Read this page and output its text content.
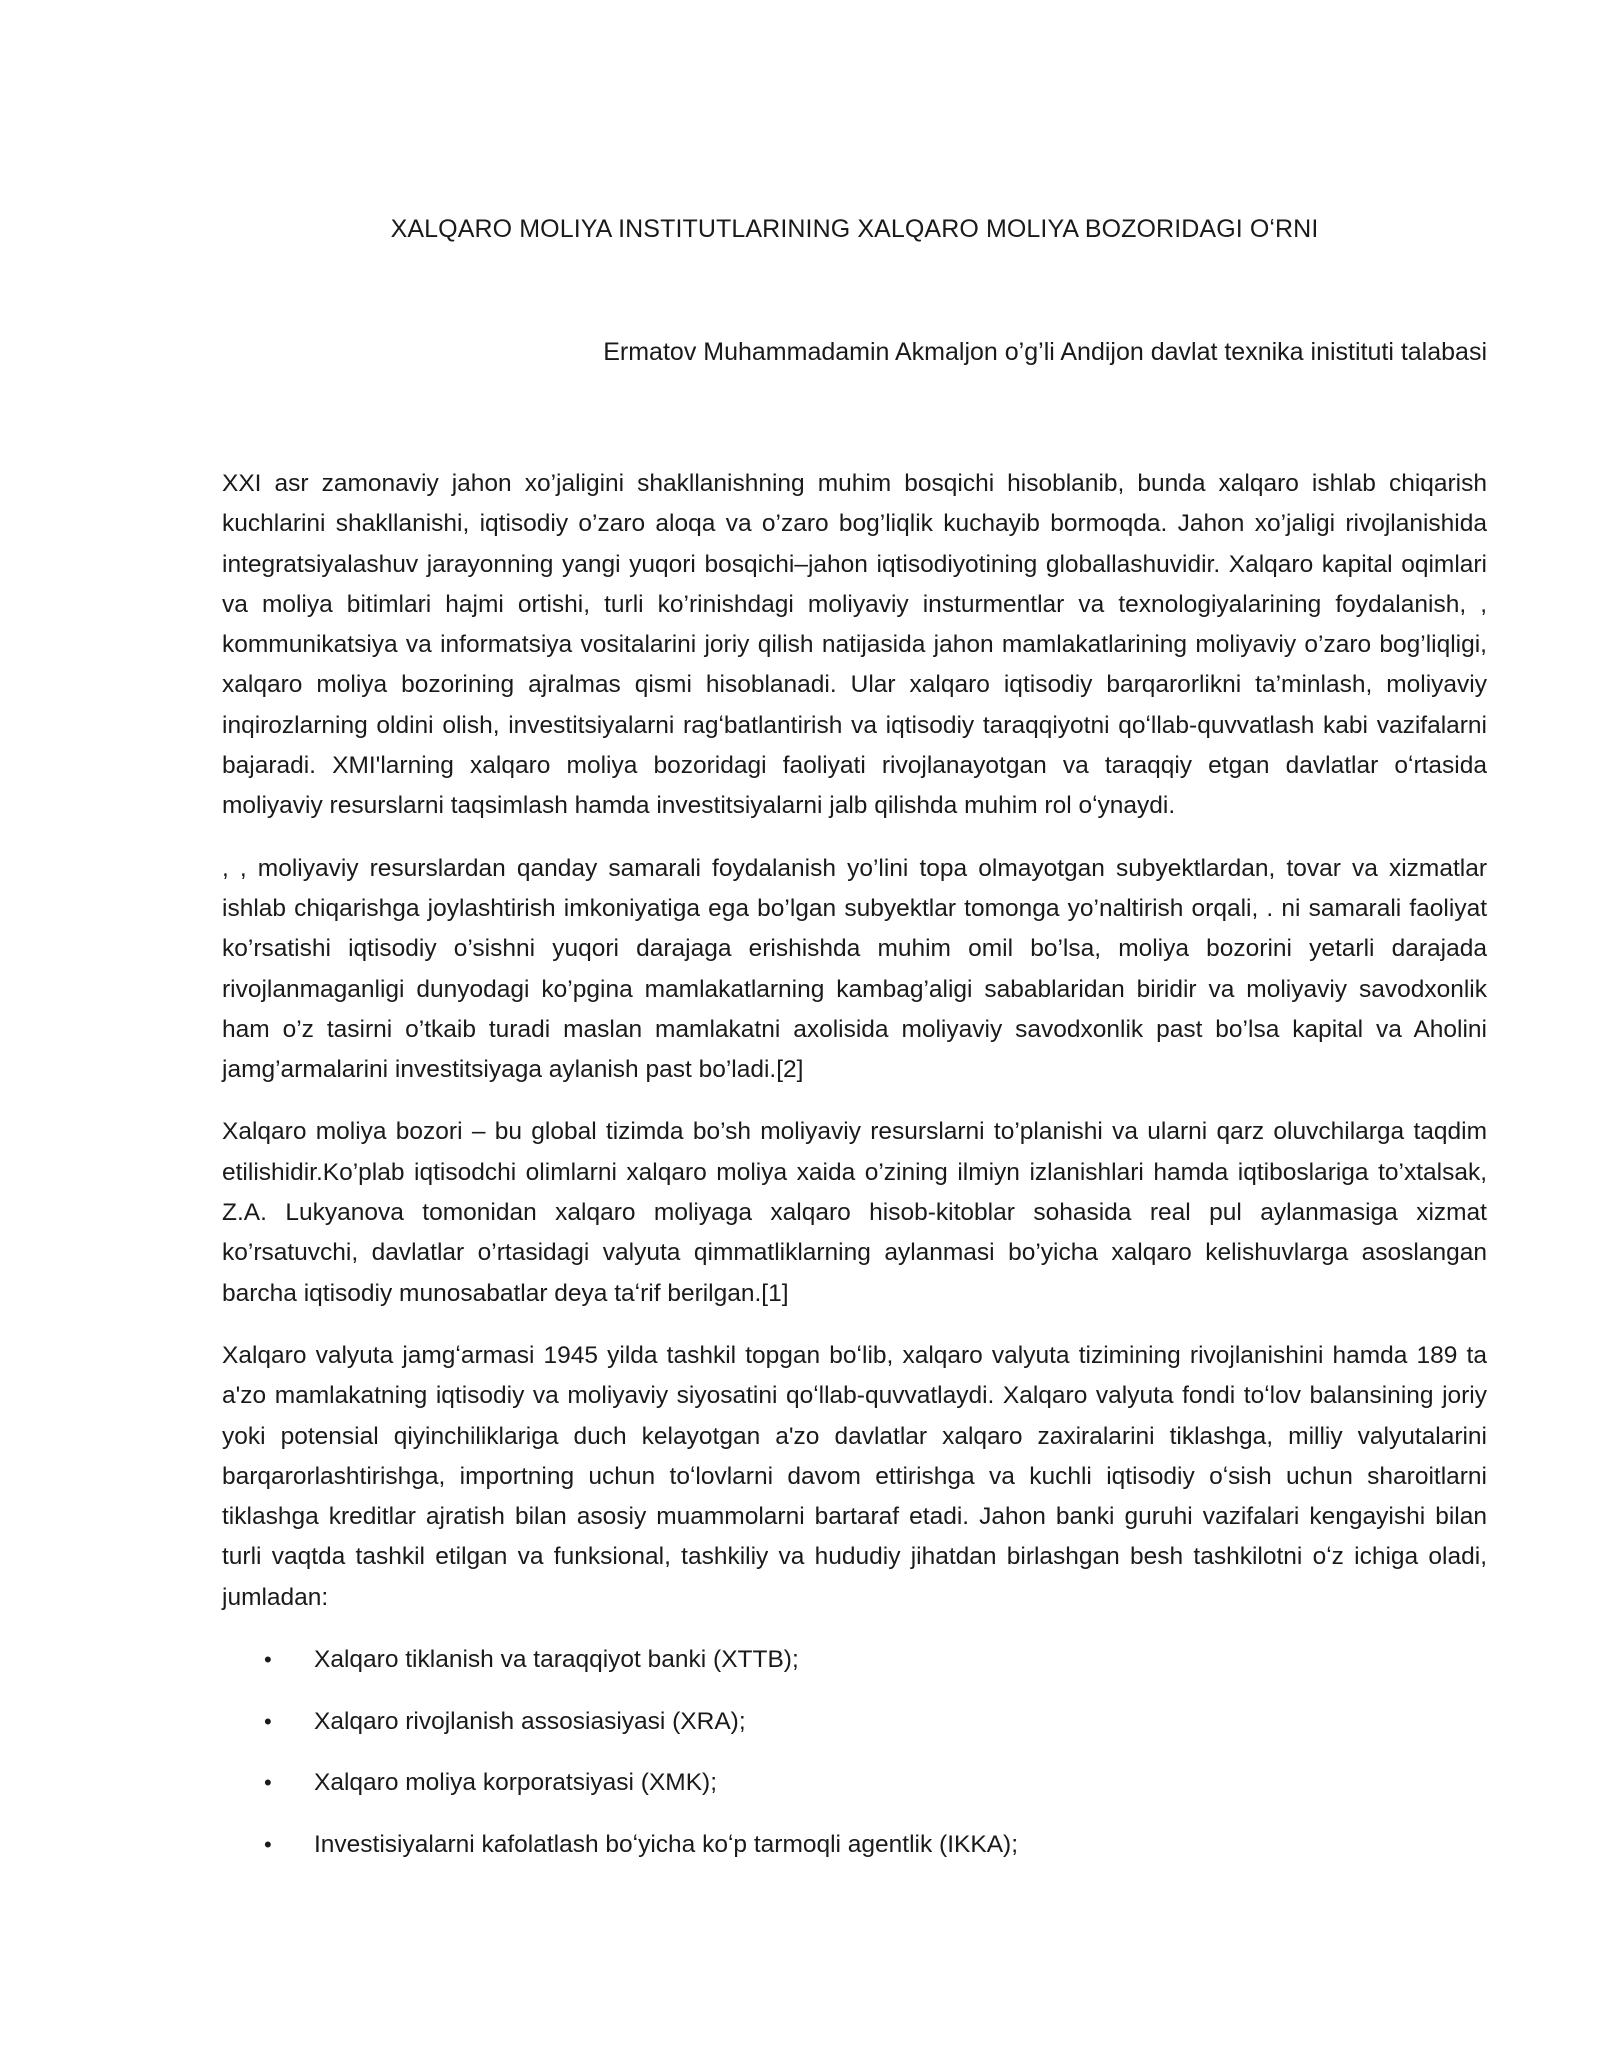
XALQARO MOLIYA INSTITUTLARINING XALQARO MOLIYA BOZORIDAGI OʻRNI
Ermatov Muhammadamin Akmaljon o’g’li Andijon davlat texnika inistituti talabasi

XXI asr zamonaviy jahon xo’jaligini shakllanishning muhim bosqichi hisoblanib, bunda xalqaro ishlab chiqarish kuchlarini shakllanishi, iqtisodiy o’zaro aloqa va o’zaro bog’liqlik kuchayib bormoqda. Jahon xo’jaligi rivojlanishida integratsiyalashuv jarayonning yangi yuqori bosqichi–jahon iqtisodiyotining globallashuvidir. Xalqaro kapital oqimlari va moliya bitimlari hajmi ortishi, turli ko’rinishdagi moliyaviy insturmentlar va texnologiyalarining foydalanish, , kommunikatsiya va informatsiya vositalarini joriy qilish natijasida jahon mamlakatlarining moliyaviy o’zaro bog’liqligi, xalqaro moliya bozorining ajralmas qismi hisoblanadi. Ular xalqaro iqtisodiy barqarorlikni ta’minlash, moliyaviy inqirozlarning oldini olish, investitsiyalarni ragʻbatlantirish va iqtisodiy taraqqiyotni qoʻllab-quvvatlash kabi vazifalarni bajaradi. XMI'larning xalqaro moliya bozoridagi faoliyati rivojlanayotgan va taraqqiy etgan davlatlar oʻrtasida moliyaviy resurslarni taqsimlash hamda investitsiyalarni jalb qilishda muhim rol oʻynaydi.

, , moliyaviy resurslardan qanday samarali foydalanish yo’lini topa olmayotgan subyektlardan, tovar va xizmatlar ishlab chiqarishga joylashtirish imkoniyatiga ega bo’lgan subyektlar tomonga yo’naltirish orqali, . ni samarali faoliyat ko’rsatishi iqtisodiy o’sishni yuqori darajaga erishishda muhim omil bo’lsa, moliya bozorini yetarli darajada rivojlanmaganligi dunyodagi ko’pgina mamlakatlarning kambag’aligi sabablaridan biridir va moliyaviy savodxonlik ham o’z tasirni o’tkaib turadi maslan mamlakatni axolisida moliyaviy savodxonlik past bo’lsa kapital va Aholini jamg’armalarini investitsiyaga aylanish past bo’ladi.[2]

Xalqaro moliya bozori – bu global tizimda bo’sh moliyaviy resurslarni to’planishi va ularni qarz oluvchilarga taqdim etilishidir.Ko’plab iqtisodchi olimlarni xalqaro moliya xaida o’zining ilmiyn izlanishlari hamda iqtiboslariga to’xtalsak, Z.A. Lukyanova tomonidan xalqaro moliyaga xalqaro hisob-kitoblar sohasida real pul aylanmasiga xizmat ko’rsatuvchi, davlatlar o’rtasidagi valyuta qimmatliklarning aylanmasi bo’yicha xalqaro kelishuvlarga asoslangan barcha iqtisodiy munosabatlar deya taʻrif berilgan.[1]

Xalqaro valyuta jamgʻarmasi 1945 yilda tashkil topgan boʻlib, xalqaro valyuta tizimining rivojlanishini hamda 189 ta a'zo mamlakatning iqtisodiy va moliyaviy siyosatini qoʻllab-quvvatlaydi. Xalqaro valyuta fondi toʻlov balansining joriy yoki potensial qiyinchiliklariga duch kelayotgan a'zo davlatlar xalqaro zaxiralarini tiklashga, milliy valyutalarini barqarorlashtirishga, importning uchun toʻlovlarni davom ettirishga va kuchli iqtisodiy oʻsish uchun sharoitlarni tiklashga kreditlar ajratish bilan asosiy muammolarni bartaraf etadi. Jahon banki guruhi vazifalari kengayishi bilan turli vaqtda tashkil etilgan va funksional, tashkiliy va hududiy jihatdan birlashgan besh tashkilotni oʻz ichiga oladi, jumladan:

• Xalqaro tiklanish va taraqqiyot banki (XTTB);
• Xalqaro rivojlanish assosiasiyasi (XRA);
• Xalqaro moliya korporatsiyasi (XMK);
• Investisiyalarni kafolatlash boʻyicha koʻp tarmoqli agentlik (IKKA);
